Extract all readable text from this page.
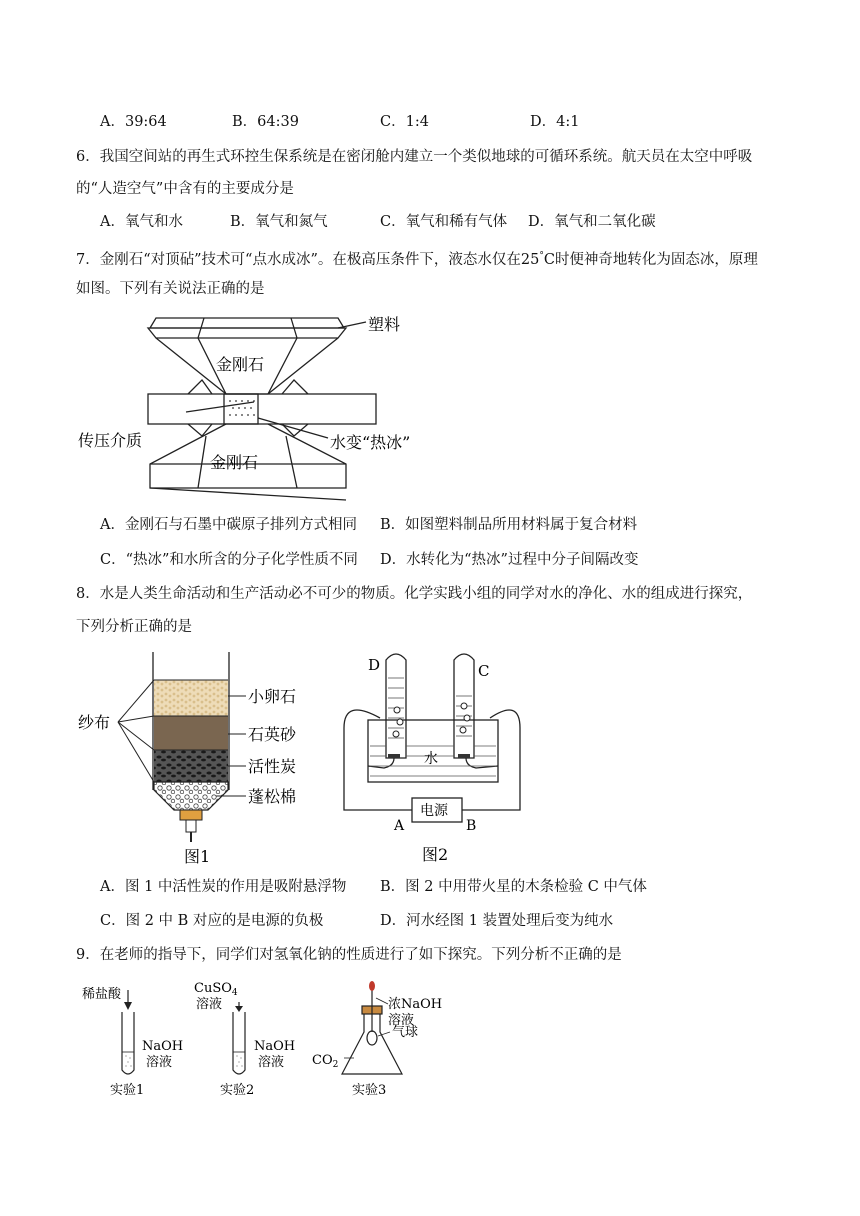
A．39:64	B．64:39	C．1:4	D．4:1
6．我国空间站的再生式环控生保系统是在密闭舱内建立一个类似地球的可循环系统。航天员在太空中呼吸
的“人造空气”中含有的主要成分是
A．氧气和水	B．氧气和氮气	C．氧气和稀有气体 D．氧气和二氧化碳
7．金刚石“对顶砧”技术可“点水成冰”。在极高压条件下，液态水仅在25°C时便神奇地转化为固态冰，原理
如图。下列有关说法正确的是
塑料
金刚石
传压介质	水变“热冰”
金刚石
A．金刚石与石墨中碳原子排列方式相同 B．如图塑料制品所用材料属于复合材料
C．“热冰”和水所含的分子化学性质不同 D．水转化为“热冰”过程中分子间隔改变
8．水是人类生命活动和生产活动必不可少的物质。化学实践小组的同学对水的净化、水的组成进行探究，
下列分析正确的是
纱布
小卵石
石英砂
活性炭
蓬松棉
图1
D	C
水
电源
A	B
图2
A．图 1 中活性炭的作用是吸附悬浮物 B．图 2 中用带火星的木条检验 C 中气体
C．图 2 中 B 对应的是电源的负极	D．河水经图 1 装置处理后变为纯水
9．在老师的指导下，同学们对氢氧化钠的性质进行了如下探究。下列分析不正确的是
稀盐酸
NaOH
溶液
实验1
CuSO$_4$
溶液
NaOH
溶液
实验2
浓NaOH
溶液
气球
$CO_2$
实验3
